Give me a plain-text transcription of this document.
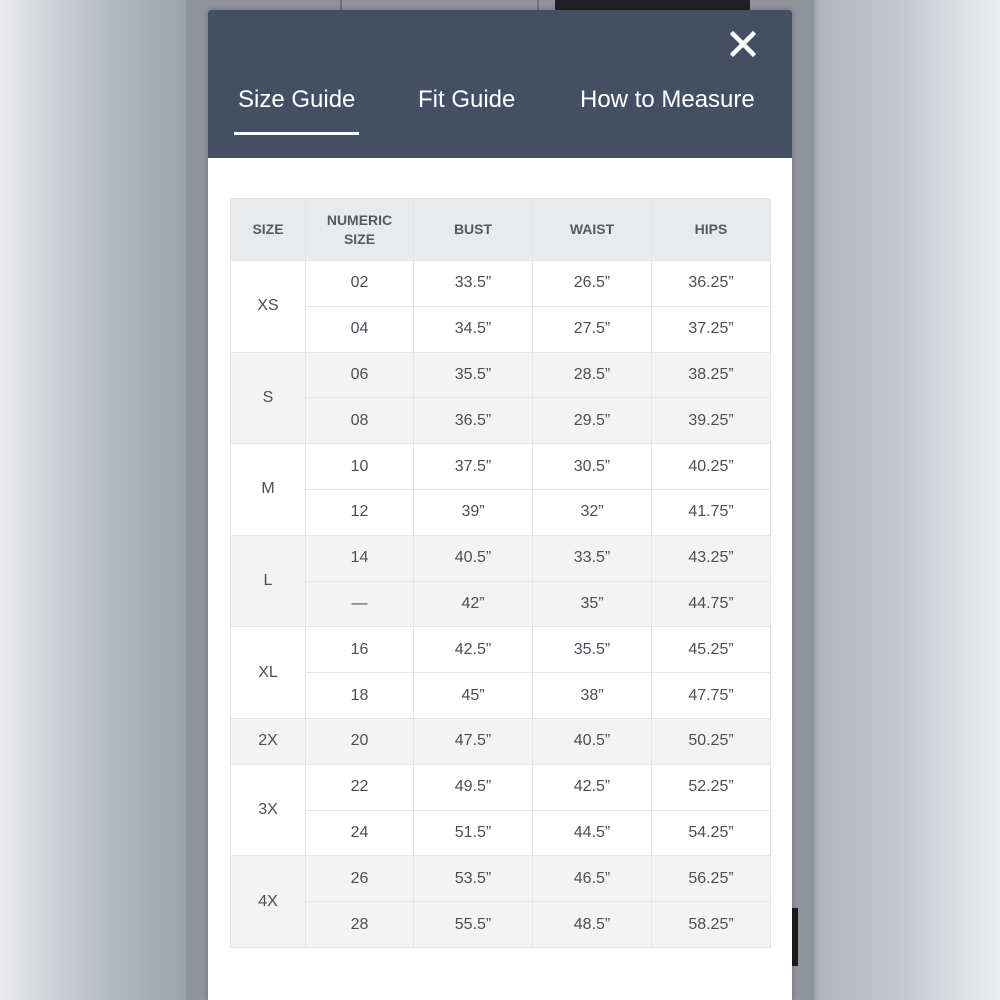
Size Guide	Fit Guide	How to Measure
SIZE	NUMERIC SIZE	BUST	WAIST	HIPS
XS	02	33.5”	26.5”	36.25”
	04	34.5”	27.5”	37.25”
S	06	35.5”	28.5”	38.25”
	08	36.5”	29.5”	39.25”
M	10	37.5”	30.5”	40.25”
	12	39”	32”	41.75”
L	14	40.5”	33.5”	43.25”
	—	42”	35”	44.75”
XL	16	42.5”	35.5”	45.25”
	18	45”	38”	47.75”
2X	20	47.5”	40.5”	50.25”
3X	22	49.5”	42.5”	52.25”
	24	51.5”	44.5”	54.25”
4X	26	53.5”	46.5”	56.25”
	28	55.5”	48.5”	58.25”
